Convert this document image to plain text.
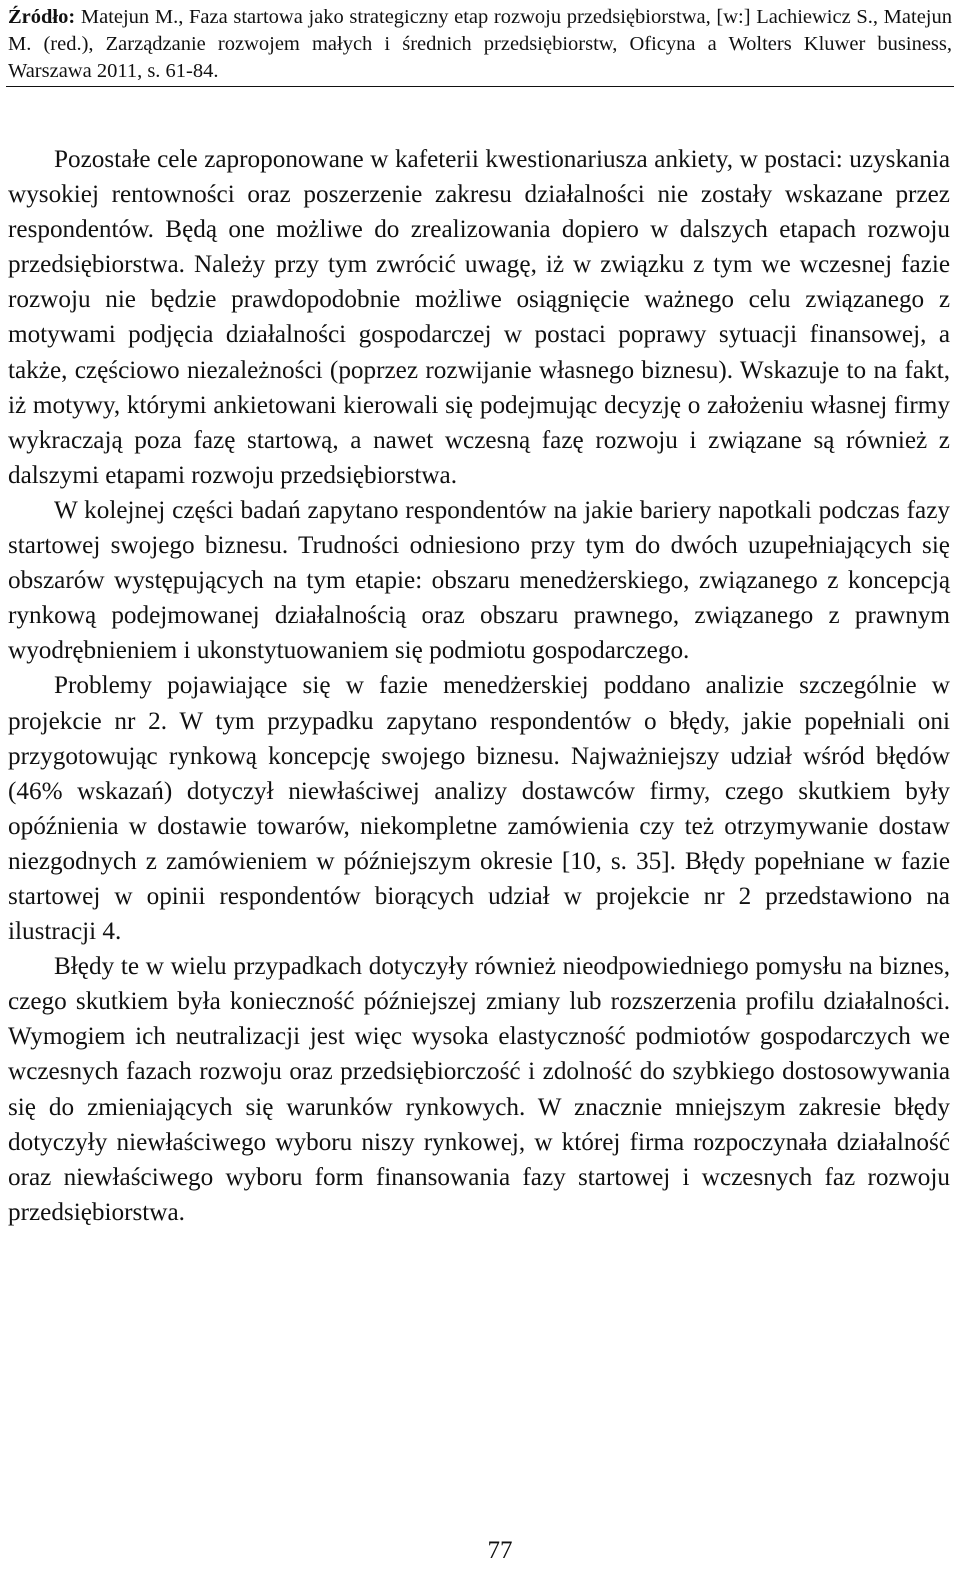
Źródło: Matejun M., Faza startowa jako strategiczny etap rozwoju przedsiębiorstwa, [w:] Lachiewicz S., Matejun M. (red.), Zarządzanie rozwojem małych i średnich przedsiębiorstw, Oficyna a Wolters Kluwer business, Warszawa 2011, s. 61-84.

Pozostałe cele zaproponowane w kafeterii kwestionariusza ankiety, w postaci: uzyskania wysokiej rentowności oraz poszerzenie zakresu działalności nie zostały wskazane przez respondentów. Będą one możliwe do zrealizowania dopiero w dalszych etapach rozwoju przedsiębiorstwa. Należy przy tym zwrócić uwagę, iż w związku z tym we wczesnej fazie rozwoju nie będzie prawdopodobnie możliwe osiągnięcie ważnego celu związanego z motywami podjęcia działalności gospodarczej w postaci poprawy sytuacji finansowej, a także, częściowo niezależności (poprzez rozwijanie własnego biznesu). Wskazuje to na fakt, iż motywy, którymi ankietowani kierowali się podejmując decyzję o założeniu własnej firmy wykraczają poza fazę startową, a nawet wczesną fazę rozwoju i związane są również z dalszymi etapami rozwoju przedsiębiorstwa.

W kolejnej części badań zapytano respondentów na jakie bariery napotkali podczas fazy startowej swojego biznesu. Trudności odniesiono przy tym do dwóch uzupełniających się obszarów występujących na tym etapie: obszaru menedżerskiego, związanego z koncepcją rynkową podejmowanej działalnością oraz obszaru prawnego, związanego z prawnym wyodrębnieniem i ukonstytuowaniem się podmiotu gospodarczego.

Problemy pojawiające się w fazie menedżerskiej poddano analizie szczególnie w projekcie nr 2. W tym przypadku zapytano respondentów o błędy, jakie popełniali oni przygotowując rynkową koncepcję swojego biznesu. Najważniejszy udział wśród błędów (46% wskazań) dotyczył niewłaściwej analizy dostawców firmy, czego skutkiem były opóźnienia w dostawie towarów, niekompletne zamówienia czy też otrzymywanie dostaw niezgodnych z zamówieniem w późniejszym okresie [10, s. 35]. Błędy popełniane w fazie startowej w opinii respondentów biorących udział w projekcie nr 2 przedstawiono na ilustracji 4.

Błędy te w wielu przypadkach dotyczyły również nieodpowiedniego pomysłu na biznes, czego skutkiem była konieczność późniejszej zmiany lub rozszerzenia profilu działalności. Wymogiem ich neutralizacji jest więc wysoka elastyczność podmiotów gospodarczych we wczesnych fazach rozwoju oraz przedsiębiorczość i zdolność do szybkiego dostosowywania się do zmieniających się warunków rynkowych. W znacznie mniejszym zakresie błędy dotyczyły niewłaściwego wyboru niszy rynkowej, w której firma rozpoczynała działalność oraz niewłaściwego wyboru form finansowania fazy startowej i wczesnych faz rozwoju przedsiębiorstwa.

77
